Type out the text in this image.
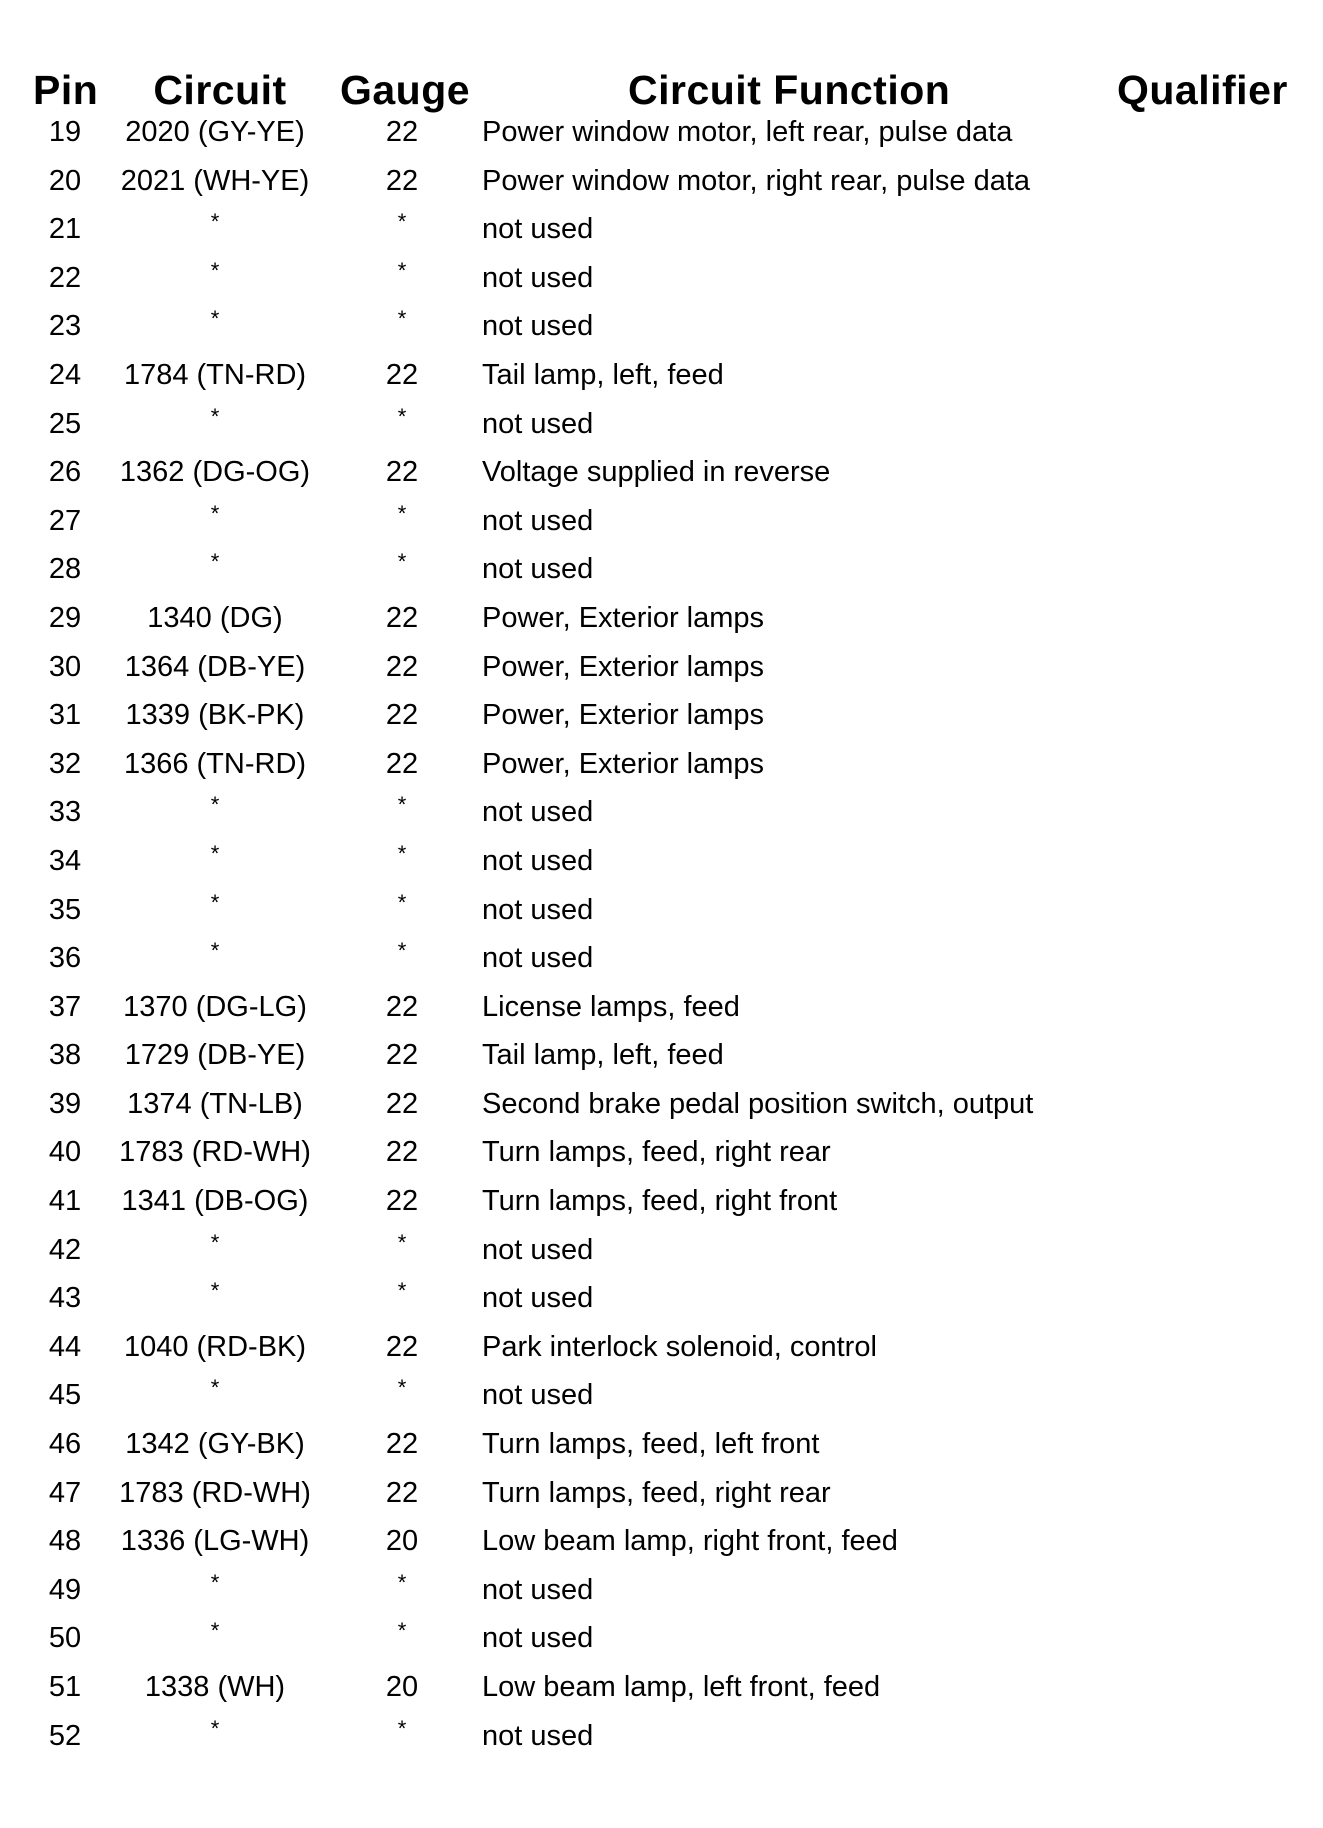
Pin	Circuit	Gauge	Circuit Function	Qualifier
19	2020 (GY-YE)	22	Power window motor, left rear, pulse data
20	2021 (WH-YE)	22	Power window motor, right rear, pulse data
21	*	*	not used
22	*	*	not used
23	*	*	not used
24	1784 (TN-RD)	22	Tail lamp, left, feed
25	*	*	not used
26	1362 (DG-OG)	22	Voltage supplied in reverse
27	*	*	not used
28	*	*	not used
29	1340 (DG)	22	Power, Exterior lamps
30	1364 (DB-YE)	22	Power, Exterior lamps
31	1339 (BK-PK)	22	Power, Exterior lamps
32	1366 (TN-RD)	22	Power, Exterior lamps
33	*	*	not used
34	*	*	not used
35	*	*	not used
36	*	*	not used
37	1370 (DG-LG)	22	License lamps, feed
38	1729 (DB-YE)	22	Tail lamp, left, feed
39	1374 (TN-LB)	22	Second brake pedal position switch, output
40	1783 (RD-WH)	22	Turn lamps, feed, right rear
41	1341 (DB-OG)	22	Turn lamps, feed, right front
42	*	*	not used
43	*	*	not used
44	1040 (RD-BK)	22	Park interlock solenoid, control
45	*	*	not used
46	1342 (GY-BK)	22	Turn lamps, feed, left front
47	1783 (RD-WH)	22	Turn lamps, feed, right rear
48	1336 (LG-WH)	20	Low beam lamp, right front, feed
49	*	*	not used
50	*	*	not used
51	1338 (WH)	20	Low beam lamp, left front, feed
52	*	*	not used
